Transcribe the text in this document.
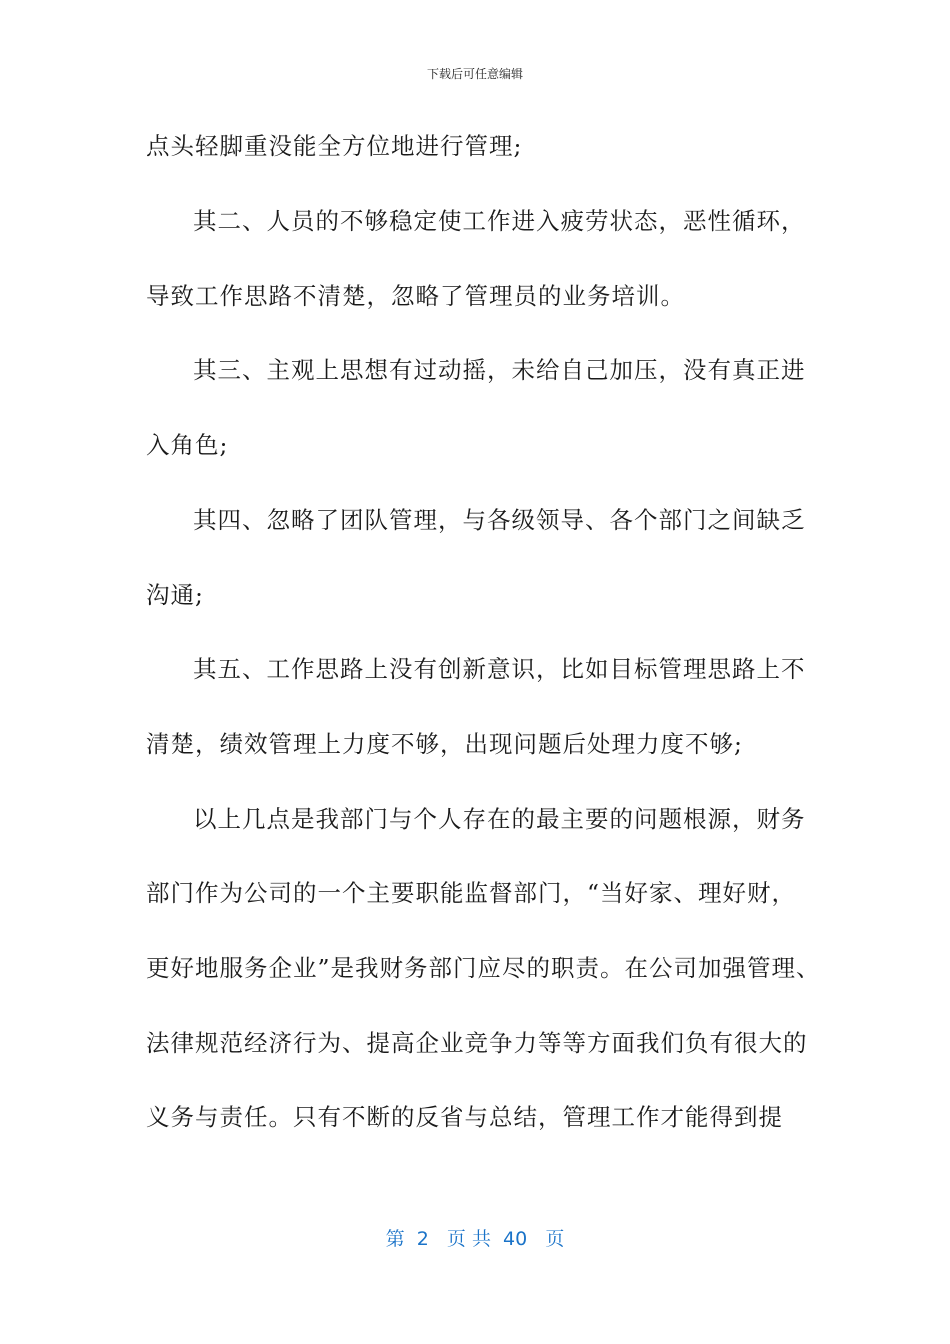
下载后可任意编辑
点头轻脚重没能全方位地进行管理;
其二、人员的不够稳定使工作进入疲劳状态，恶性循环，
导致工作思路不清楚，忽略了管理员的业务培训。
其三、主观上思想有过动摇，未给自己加压，没有真正进
入角色;
其四、忽略了团队管理，与各级领导、各个部门之间缺乏
沟通;
其五、工作思路上没有创新意识，比如目标管理思路上不
清楚，绩效管理上力度不够，出现问题后处理力度不够;
以上几点是我部门与个人存在的最主要的问题根源，财务
部门作为公司的一个主要职能监督部门，“当好家、理好财，
更好地服务企业”是我财务部门应尽的职责。在公司加强管理、
法律规范经济行为、提高企业竞争力等等方面我们负有很大的
义务与责任。只有不断的反省与总结，管理工作才能得到提
第  2   页 共  40   页
